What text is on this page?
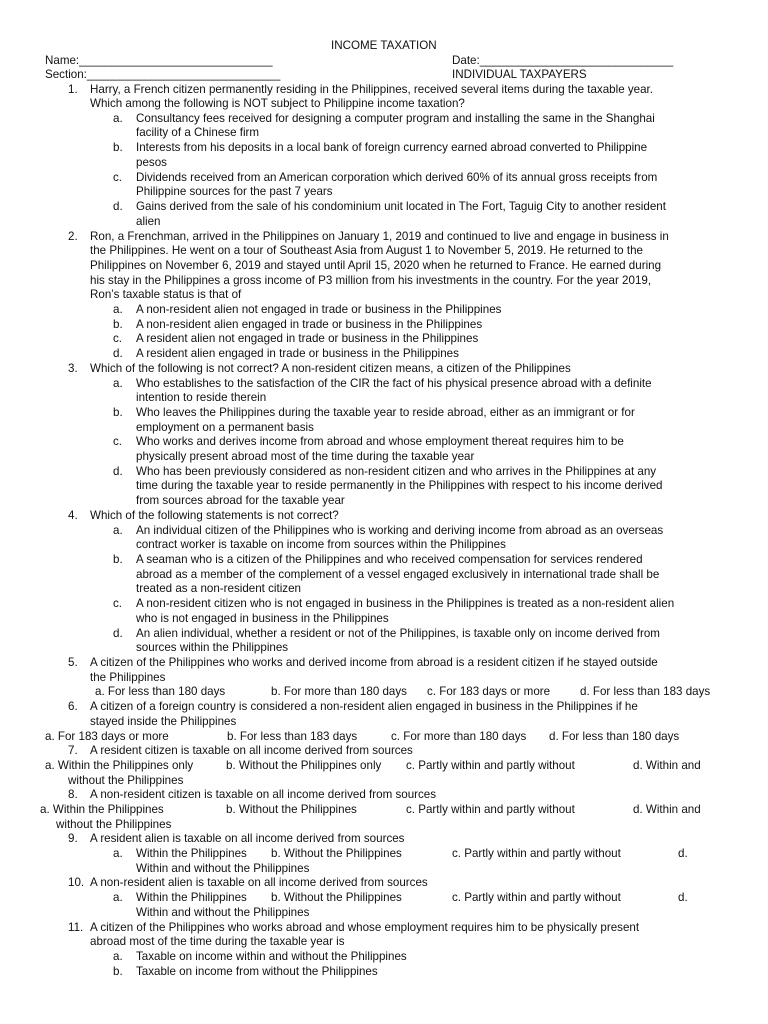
INCOME TAXATION
Name:______________________________	Date:______________________________
Section:______________________________	INDIVIDUAL TAXPAYERS
1. Harry, a French citizen permanently residing in the Philippines, received several items during the taxable year.
Which among the following is NOT subject to Philippine income taxation?
a. Consultancy fees received for designing a computer program and installing the same in the Shanghai
facility of a Chinese firm
b. Interests from his deposits in a local bank of foreign currency earned abroad converted to Philippine
pesos
c. Dividends received from an American corporation which derived 60% of its annual gross receipts from
Philippine sources for the past 7 years
d. Gains derived from the sale of his condominium unit located in The Fort, Taguig City to another resident
alien
2. Ron, a Frenchman, arrived in the Philippines on January 1, 2019 and continued to live and engage in business in
the Philippines. He went on a tour of Southeast Asia from August 1 to November 5, 2019. He returned to the
Philippines on November 6, 2019 and stayed until April 15, 2020 when he returned to France. He earned during
his stay in the Philippines a gross income of P3 million from his investments in the country. For the year 2019,
Ron’s taxable status is that of
a. A non-resident alien not engaged in trade or business in the Philippines
b. A non-resident alien engaged in trade or business in the Philippines
c. A resident alien not engaged in trade or business in the Philippines
d. A resident alien engaged in trade or business in the Philippines
3. Which of the following is not correct? A non-resident citizen means, a citizen of the Philippines
a. Who establishes to the satisfaction of the CIR the fact of his physical presence abroad with a definite
intention to reside therein
b. Who leaves the Philippines during the taxable year to reside abroad, either as an immigrant or for
employment on a permanent basis
c. Who works and derives income from abroad and whose employment thereat requires him to be
physically present abroad most of the time during the taxable year
d. Who has been previously considered as non-resident citizen and who arrives in the Philippines at any
time during the taxable year to reside permanently in the Philippines with respect to his income derived
from sources abroad for the taxable year
4. Which of the following statements is not correct?
a. An individual citizen of the Philippines who is working and deriving income from abroad as an overseas
contract worker is taxable on income from sources within the Philippines
b. A seaman who is a citizen of the Philippines and who received compensation for services rendered
abroad as a member of the complement of a vessel engaged exclusively in international trade shall be
treated as a non-resident citizen
c. A non-resident citizen who is not engaged in business in the Philippines is treated as a non-resident alien
who is not engaged in business in the Philippines
d. An alien individual, whether a resident or not of the Philippines, is taxable only on income derived from
sources within the Philippines
5. A citizen of the Philippines who works and derived income from abroad is a resident citizen if he stayed outside
the Philippines
a. For less than 180 days	b. For more than 180 days c. For 183 days or more	d. For less than 183 days
6. A citizen of a foreign country is considered a non-resident alien engaged in business in the Philippines if he
stayed inside the Philippines
a. For 183 days or more	b. For less than 183 days	c. For more than 180 days d. For less than 180 days
7. A resident citizen is taxable on all income derived from sources
a. Within the Philippines only	b. Without the Philippines only c. Partly within and partly without	d. Within and
without the Philippines
8. A non-resident citizen is taxable on all income derived from sources
a. Within the Philippines	b. Without the Philippines	c. Partly within and partly without	d. Within and
without the Philippines
9. A resident alien is taxable on all income derived from sources
a. Within the Philippines b. Without the Philippines	c. Partly within and partly without	d.
Within and without the Philippines
10. A non-resident alien is taxable on all income derived from sources
a. Within the Philippines b. Without the Philippines	c. Partly within and partly without	d.
Within and without the Philippines
11. A citizen of the Philippines who works abroad and whose employment requires him to be physically present
abroad most of the time during the taxable year is
a. Taxable on income within and without the Philippines
b. Taxable on income from without the Philippines
